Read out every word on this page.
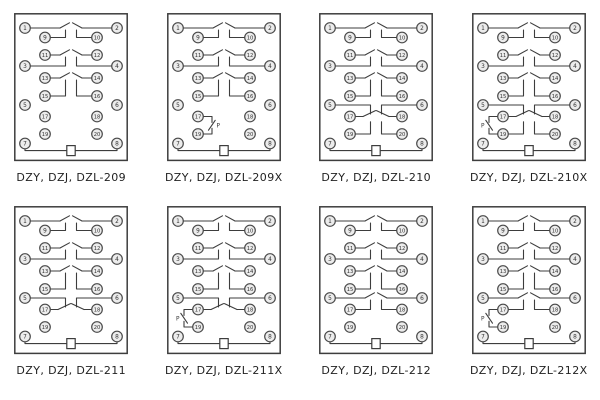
1	2
3	4
5	6
7	8
9	10
11	12
13	14
15	16
17	18
19	20
DZY, DZJ, DZL-209
P
1	2
3	4
5	6
7	8
9	10
11	12
13	14
15	16
17	18
19	20
DZY, DZJ, DZL-209X
1	2
3	4
5	6
7	8
9	10
11	12
13	14
15	16
17	18
19	20
DZY, DZJ, DZL-210
P
1	2
3	4
5	6
7	8
9	10
11	12
13	14
15	16
17	18
19	20
DZY, DZJ, DZL-210X
1	2
3	4
5	6
7	8
9	10
11	12
13	14
15	16
17	18
19	20
DZY, DZJ, DZL-211
P
1	2
3	4
5	6
7	8
9	10
11	12
13	14
15	16
17	18
19	20
DZY, DZJ, DZL-211X
1	2
3	4
5	6
7	8
9	10
11	12
13	14
15	16
17	18
19	20
DZY, DZJ, DZL-212
P
1	2
3	4
5	6
7	8
9	10
11	12
13	14
15	16
17	18
19	20
DZY, DZJ, DZL-212X
